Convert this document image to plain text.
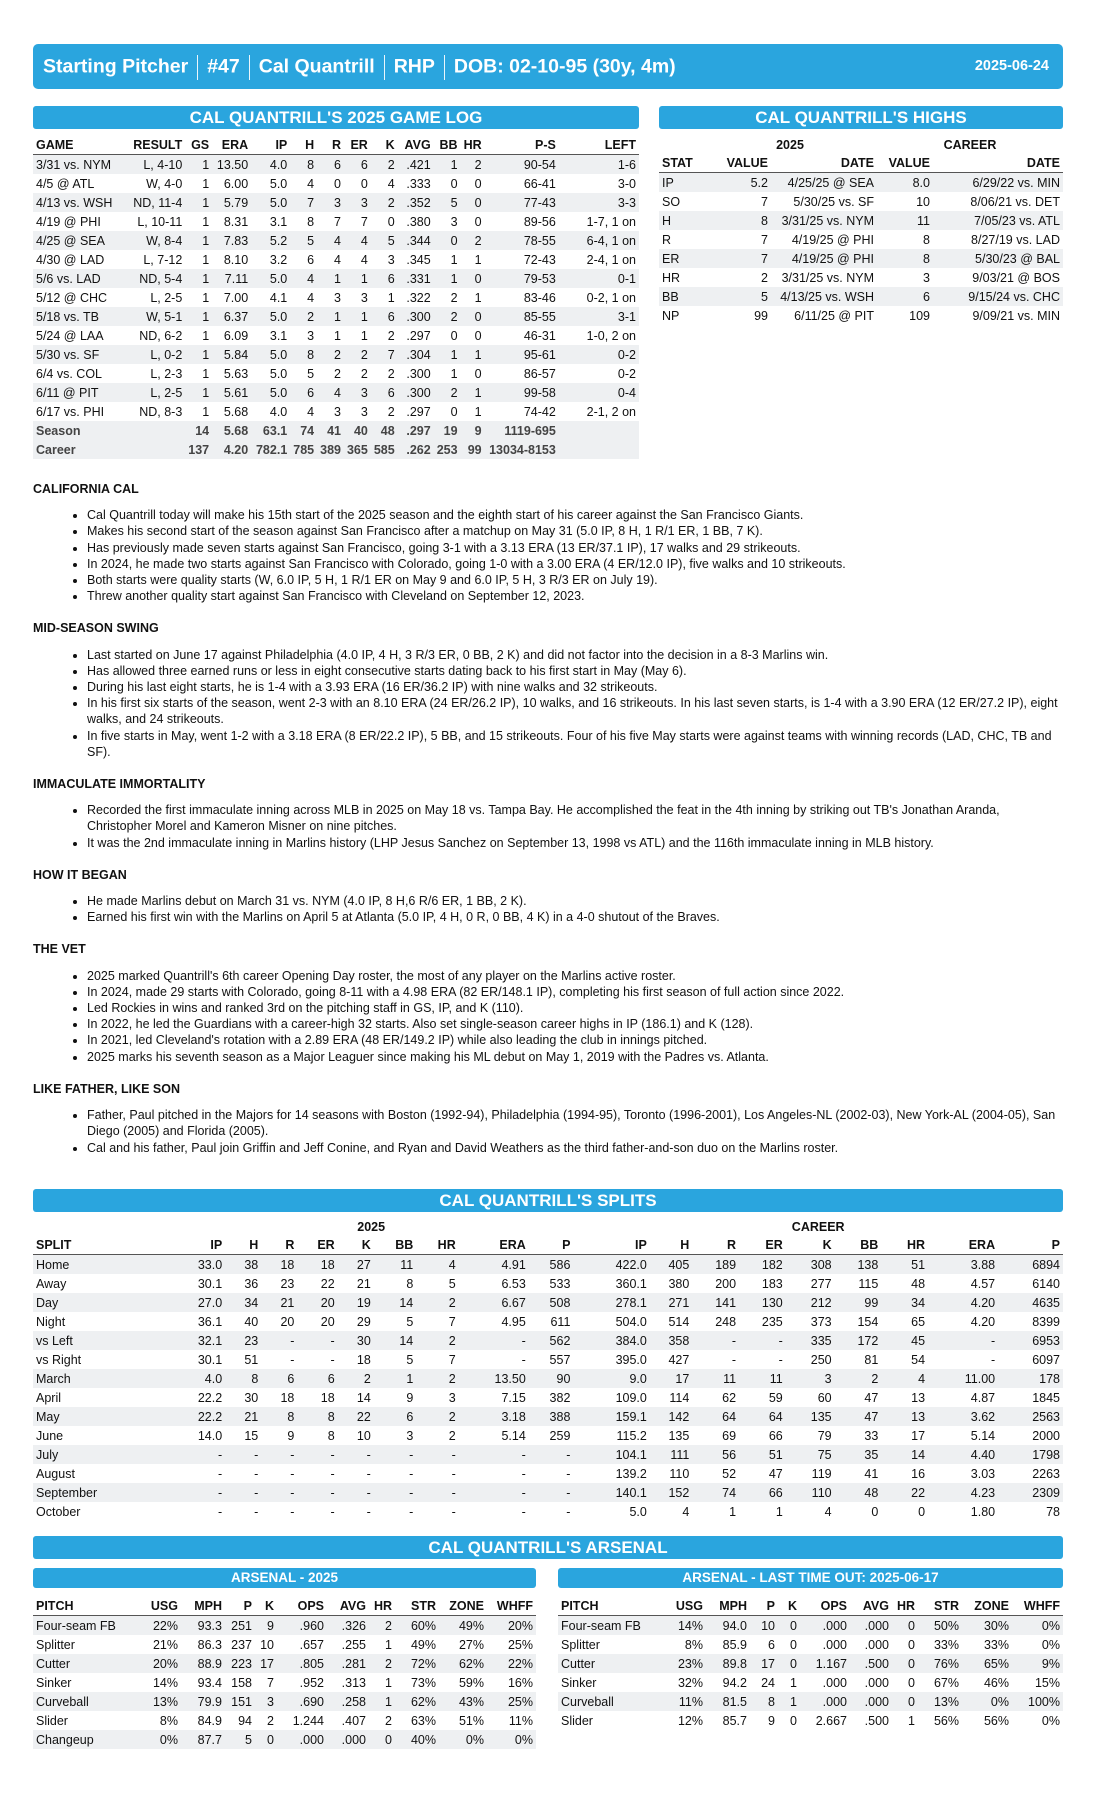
Starting Pitcher #47 Cal Quantrill RHP DOB: 02-10-95 (30y, 4m)	2025-06-24
CAL QUANTRILL'S 2025 GAME LOG
GAME	RESULT	GS	ERA	IP	H	R	ER	K	AVG	BB	HR	P-S	LEFT
3/31 vs. NYM	L, 4-10	1	13.50	4.0	8	6	6	2	.421	1	2	90-54	1-6
4/5 @ ATL	W, 4-0	1	6.00	5.0	4	0	0	4	.333	0	0	66-41	3-0
4/13 vs. WSH	ND, 11-4	1	5.79	5.0	7	3	3	2	.352	5	0	77-43	3-3
4/19 @ PHI	L, 10-11	1	8.31	3.1	8	7	7	0	.380	3	0	89-56	1-7, 1 on
4/25 @ SEA	W, 8-4	1	7.83	5.2	5	4	4	5	.344	0	2	78-55	6-4, 1 on
4/30 @ LAD	L, 7-12	1	8.10	3.2	6	4	4	3	.345	1	1	72-43	2-4, 1 on
5/6 vs. LAD	ND, 5-4	1	7.11	5.0	4	1	1	6	.331	1	0	79-53	0-1
5/12 @ CHC	L, 2-5	1	7.00	4.1	4	3	3	1	.322	2	1	83-46	0-2, 1 on
5/18 vs. TB	W, 5-1	1	6.37	5.0	2	1	1	6	.300	2	0	85-55	3-1
5/24 @ LAA	ND, 6-2	1	6.09	3.1	3	1	1	2	.297	0	0	46-31	1-0, 2 on
5/30 vs. SF	L, 0-2	1	5.84	5.0	8	2	2	7	.304	1	1	95-61	0-2
6/4 vs. COL	L, 2-3	1	5.63	5.0	5	2	2	2	.300	1	0	86-57	0-2
6/11 @ PIT	L, 2-5	1	5.61	5.0	6	4	3	6	.300	2	1	99-58	0-4
6/17 vs. PHI	ND, 8-3	1	5.68	4.0	4	3	3	2	.297	0	1	74-42	2-1, 2 on
Season		14	5.68	63.1	74	41	40	48	.297	19	9	1119-695	
Career		137	4.20	782.1	785	389	365	585	.262	253	99	13034-8153	
CAL QUANTRILL'S HIGHS
	2025		CAREER	
STAT	VALUE	DATE	VALUE	DATE
IP	5.2	4/25/25 @ SEA	8.0	6/29/22 vs. MIN
SO	7	5/30/25 vs. SF	10	8/06/21 vs. DET
H	8	3/31/25 vs. NYM	11	7/05/23 vs. ATL
R	7	4/19/25 @ PHI	8	8/27/19 vs. LAD
ER	7	4/19/25 @ PHI	8	5/30/23 @ BAL
HR	2	3/31/25 vs. NYM	3	9/03/21 @ BOS
BB	5	4/13/25 vs. WSH	6	9/15/24 vs. CHC
NP	99	6/11/25 @ PIT	109	9/09/21 vs. MIN
CALIFORNIA CAL
• Cal Quantrill today will make his 15th start of the 2025 season and the eighth start of his career against the San Francisco Giants.
• Makes his second start of the season against San Francisco after a matchup on May 31 (5.0 IP, 8 H, 1 R/1 ER, 1 BB, 7 K).
• Has previously made seven starts against San Francisco, going 3-1 with a 3.13 ERA (13 ER/37.1 IP), 17 walks and 29 strikeouts.
• In 2024, he made two starts against San Francisco with Colorado, going 1-0 with a 3.00 ERA (4 ER/12.0 IP), five walks and 10 strikeouts.
• Both starts were quality starts (W, 6.0 IP, 5 H, 1 R/1 ER on May 9 and 6.0 IP, 5 H, 3 R/3 ER on July 19).
• Threw another quality start against San Francisco with Cleveland on September 12, 2023.
MID-SEASON SWING
• Last started on June 17 against Philadelphia (4.0 IP, 4 H, 3 R/3 ER, 0 BB, 2 K) and did not factor into the decision in a 8-3 Marlins win.
• Has allowed three earned runs or less in eight consecutive starts dating back to his first start in May (May 6).
• During his last eight starts, he is 1-4 with a 3.93 ERA (16 ER/36.2 IP) with nine walks and 32 strikeouts.
• In his first six starts of the season, went 2-3 with an 8.10 ERA (24 ER/26.2 IP), 10 walks, and 16 strikeouts. In his last seven starts, is 1-4 with a 3.90 ERA (12 ER/27.2 IP), eight walks, and 24 strikeouts.
• In five starts in May, went 1-2 with a 3.18 ERA (8 ER/22.2 IP), 5 BB, and 15 strikeouts. Four of his five May starts were against teams with winning records (LAD, CHC, TB and SF).
IMMACULATE IMMORTALITY
• Recorded the first immaculate inning across MLB in 2025 on May 18 vs. Tampa Bay. He accomplished the feat in the 4th inning by striking out TB's Jonathan Aranda, Christopher Morel and Kameron Misner on nine pitches.
• It was the 2nd immaculate inning in Marlins history (LHP Jesus Sanchez on September 13, 1998 vs ATL) and the 116th immaculate inning in MLB history.
HOW IT BEGAN
• He made Marlins debut on March 31 vs. NYM (4.0 IP, 8 H,6 R/6 ER, 1 BB, 2 K).
• Earned his first win with the Marlins on April 5 at Atlanta (5.0 IP, 4 H, 0 R, 0 BB, 4 K) in a 4-0 shutout of the Braves.
THE VET
• 2025 marked Quantrill's 6th career Opening Day roster, the most of any player on the Marlins active roster.
• In 2024, made 29 starts with Colorado, going 8-11 with a 4.98 ERA (82 ER/148.1 IP), completing his first season of full action since 2022.
• Led Rockies in wins and ranked 3rd on the pitching staff in GS, IP, and K (110).
• In 2022, he led the Guardians with a career-high 32 starts. Also set single-season career highs in IP (186.1) and K (128).
• In 2021, led Cleveland's rotation with a 2.89 ERA (48 ER/149.2 IP) while also leading the club in innings pitched.
• 2025 marks his seventh season as a Major Leaguer since making his ML debut on May 1, 2019 with the Padres vs. Atlanta.
LIKE FATHER, LIKE SON
• Father, Paul pitched in the Majors for 14 seasons with Boston (1992-94), Philadelphia (1994-95), Toronto (1996-2001), Los Angeles-NL (2002-03), New York-AL (2004-05), San Diego (2005) and Florida (2005).
• Cal and his father, Paul join Griffin and Jeff Conine, and Ryan and David Weathers as the third father-and-son duo on the Marlins roster.
CAL QUANTRILL'S SPLITS
	2025									CAREER								
SPLIT	IP	H	R	ER	K	BB	HR	ERA	P	IP	H	R	ER	K	BB	HR	ERA	P
Home	33.0	38	18	18	27	11	4	4.91	586	422.0	405	189	182	308	138	51	3.88	6894
Away	30.1	36	23	22	21	8	5	6.53	533	360.1	380	200	183	277	115	48	4.57	6140
Day	27.0	34	21	20	19	14	2	6.67	508	278.1	271	141	130	212	99	34	4.20	4635
Night	36.1	40	20	20	29	5	7	4.95	611	504.0	514	248	235	373	154	65	4.20	8399
vs Left	32.1	23	-	-	30	14	2	-	562	384.0	358	-	-	335	172	45	-	6953
vs Right	30.1	51	-	-	18	5	7	-	557	395.0	427	-	-	250	81	54	-	6097
March	4.0	8	6	6	2	1	2	13.50	90	9.0	17	11	11	3	2	4	11.00	178
April	22.2	30	18	18	14	9	3	7.15	382	109.0	114	62	59	60	47	13	4.87	1845
May	22.2	21	8	8	22	6	2	3.18	388	159.1	142	64	64	135	47	13	3.62	2563
June	14.0	15	9	8	10	3	2	5.14	259	115.2	135	69	66	79	33	17	5.14	2000
July	-	-	-	-	-	-	-	-	-	104.1	111	56	51	75	35	14	4.40	1798
August	-	-	-	-	-	-	-	-	-	139.2	110	52	47	119	41	16	3.03	2263
September	-	-	-	-	-	-	-	-	-	140.1	152	74	66	110	48	22	4.23	2309
October	-	-	-	-	-	-	-	-	-	5.0	4	1	1	4	0	0	1.80	78
CAL QUANTRILL'S ARSENAL
ARSENAL - 2025	ARSENAL - LAST TIME OUT: 2025-06-17
PITCH	USG	MPH	P	K	OPS	AVG	HR	STR	ZONE	WHFF
Four-seam FB	22%	93.3	251	9	.960	.326	2	60%	49%	20%
Splitter	21%	86.3	237	10	.657	.255	1	49%	27%	25%
Cutter	20%	88.9	223	17	.805	.281	2	72%	62%	22%
Sinker	14%	93.4	158	7	.952	.313	1	73%	59%	16%
Curveball	13%	79.9	151	3	.690	.258	1	62%	43%	25%
Slider	8%	84.9	94	2	1.244	.407	2	63%	51%	11%
Changeup	0%	87.7	5	0	.000	.000	0	40%	0%	0%
PITCH	USG	MPH	P	K	OPS	AVG	HR	STR	ZONE	WHFF
Four-seam FB	14%	94.0	10	0	.000	.000	0	50%	30%	0%
Splitter	8%	85.9	6	0	.000	.000	0	33%	33%	0%
Cutter	23%	89.8	17	0	1.167	.500	0	76%	65%	9%
Sinker	32%	94.2	24	1	.000	.000	0	67%	46%	15%
Curveball	11%	81.5	8	1	.000	.000	0	13%	0%	100%
Slider	12%	85.7	9	0	2.667	.500	1	56%	56%	0%
